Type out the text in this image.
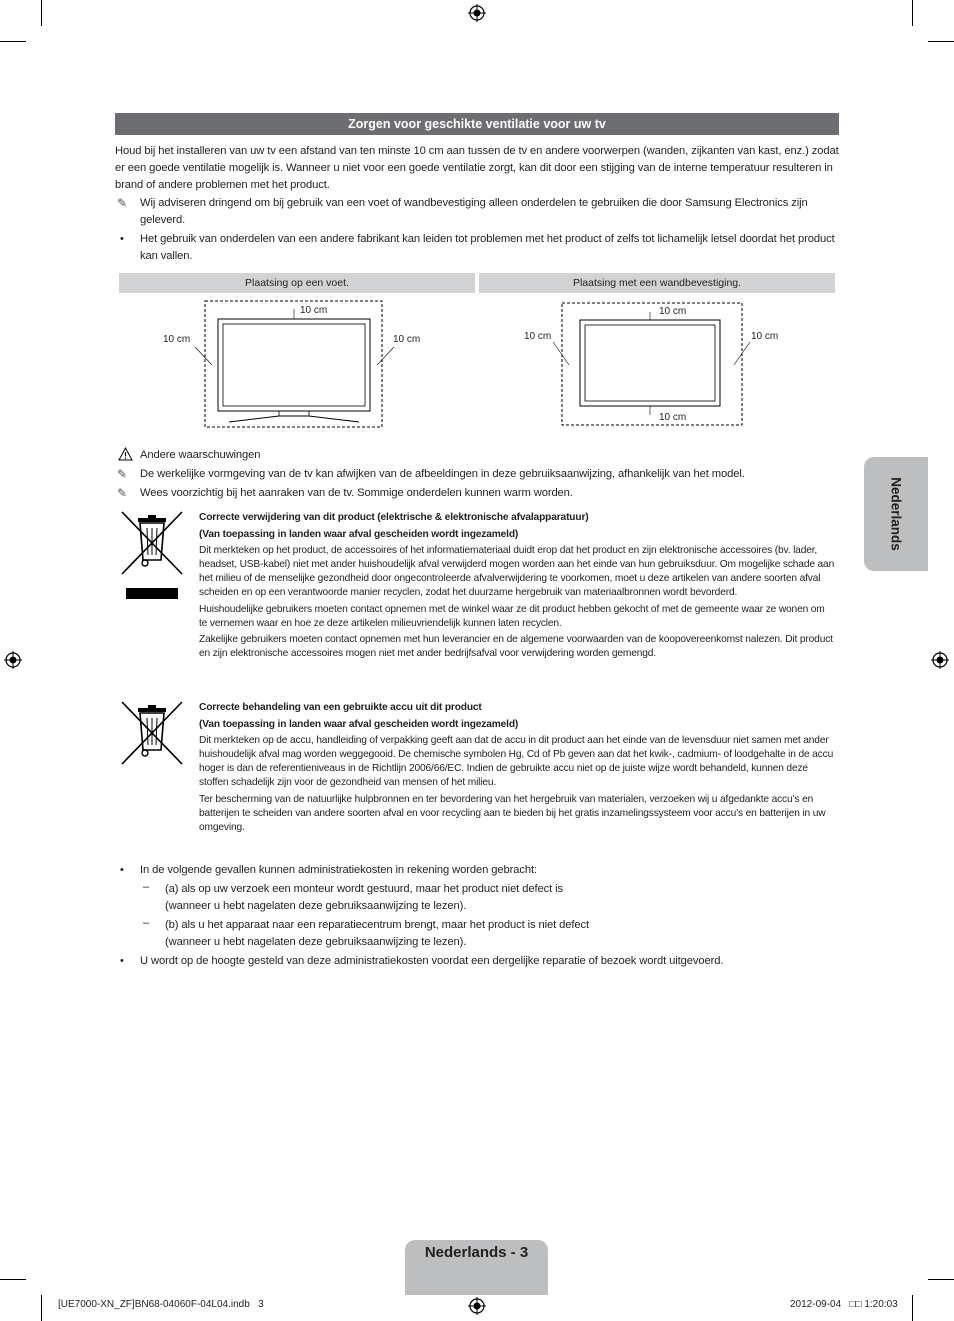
Zorgen voor geschikte ventilatie voor uw tv
Houd bij het installeren van uw tv een afstand van ten minste 10 cm aan tussen de tv en andere voorwerpen (wanden, zijkanten van kast, enz.) zodat er een goede ventilatie mogelijk is. Wanneer u niet voor een goede ventilatie zorgt, kan dit door een stijging van de interne temperatuur resulteren in brand of andere problemen met het product.
✎ Wij adviseren dringend om bij gebruik van een voet of wandbevestiging alleen onderdelen te gebruiken die door Samsung Electronics zijn geleverd.
• Het gebruik van onderdelen van een andere fabrikant kan leiden tot problemen met het product of zelfs tot lichamelijk letsel doordat het product kan vallen.
Plaatsing op een voet.	Plaatsing met een wandbevestiging.
10 cm
10 cm	10 cm
10 cm
10 cm	10 cm
10 cm
Andere waarschuwingen
✎ De werkelijke vormgeving van de tv kan afwijken van de afbeeldingen in deze gebruiksaanwijzing, afhankelijk van het model.
✎ Wees voorzichtig bij het aanraken van de tv. Sommige onderdelen kunnen warm worden.
Correcte verwijdering van dit product (elektrische & elektronische afvalapparatuur)
(Van toepassing in landen waar afval gescheiden wordt ingezameld)
Dit merkteken op het product, de accessoires of het informatiemateriaal duidt erop dat het product en zijn elektronische accessoires (bv. lader, headset, USB-kabel) niet met ander huishoudelijk afval verwijderd mogen worden aan het einde van hun gebruiksduur. Om mogelijke schade aan het milieu of de menselijke gezondheid door ongecontroleerde afvalverwijdering te voorkomen, moet u deze artikelen van andere soorten afval scheiden en op een verantwoorde manier recyclen, zodat het duurzame hergebruik van materiaalbronnen wordt bevorderd.
Huishoudelijke gebruikers moeten contact opnemen met de winkel waar ze dit product hebben gekocht of met de gemeente waar ze wonen om te vernemen waar en hoe ze deze artikelen milieuvriendelijk kunnen laten recyclen.
Zakelijke gebruikers moeten contact opnemen met hun leverancier en de algemene voorwaarden van de koopovereenkomst nalezen. Dit product en zijn elektronische accessoires mogen niet met ander bedrijfsafval voor verwijdering worden gemengd.
Correcte behandeling van een gebruikte accu uit dit product
(Van toepassing in landen waar afval gescheiden wordt ingezameld)
Dit merkteken op de accu, handleiding of verpakking geeft aan dat de accu in dit product aan het einde van de levensduur niet samen met ander huishoudelijk afval mag worden weggegooid. De chemische symbolen Hg, Cd of Pb geven aan dat het kwik-, cadmium- of loodgehalte in de accu hoger is dan de referentieniveaus in de Richtlijn 2006/66/EC. Indien de gebruikte accu niet op de juiste wijze wordt behandeld, kunnen deze stoffen schadelijk zijn voor de gezondheid van mensen of het milieu.
Ter bescherming van de natuurlijke hulpbronnen en ter bevordering van het hergebruik van materialen, verzoeken wij u afgedankte accu’s en batterijen te scheiden van andere soorten afval en voor recycling aan te bieden bij het gratis inzamelingssysteem voor accu’s en batterijen in uw omgeving.
• In de volgende gevallen kunnen administratiekosten in rekening worden gebracht:
– (a) als op uw verzoek een monteur wordt gestuurd, maar het product niet defect is
(wanneer u hebt nagelaten deze gebruiksaanwijzing te lezen).
– (b) als u het apparaat naar een reparatiecentrum brengt, maar het product is niet defect
(wanneer u hebt nagelaten deze gebruiksaanwijzing te lezen).
• U wordt op de hoogte gesteld van deze administratiekosten voordat een dergelijke reparatie of bezoek wordt uitgevoerd.
Nederlands
Nederlands - 3
[UE7000-XN_ZF]BN68-04060F-04L04.indb   3	2012-09-04   □□ 1:20:03
